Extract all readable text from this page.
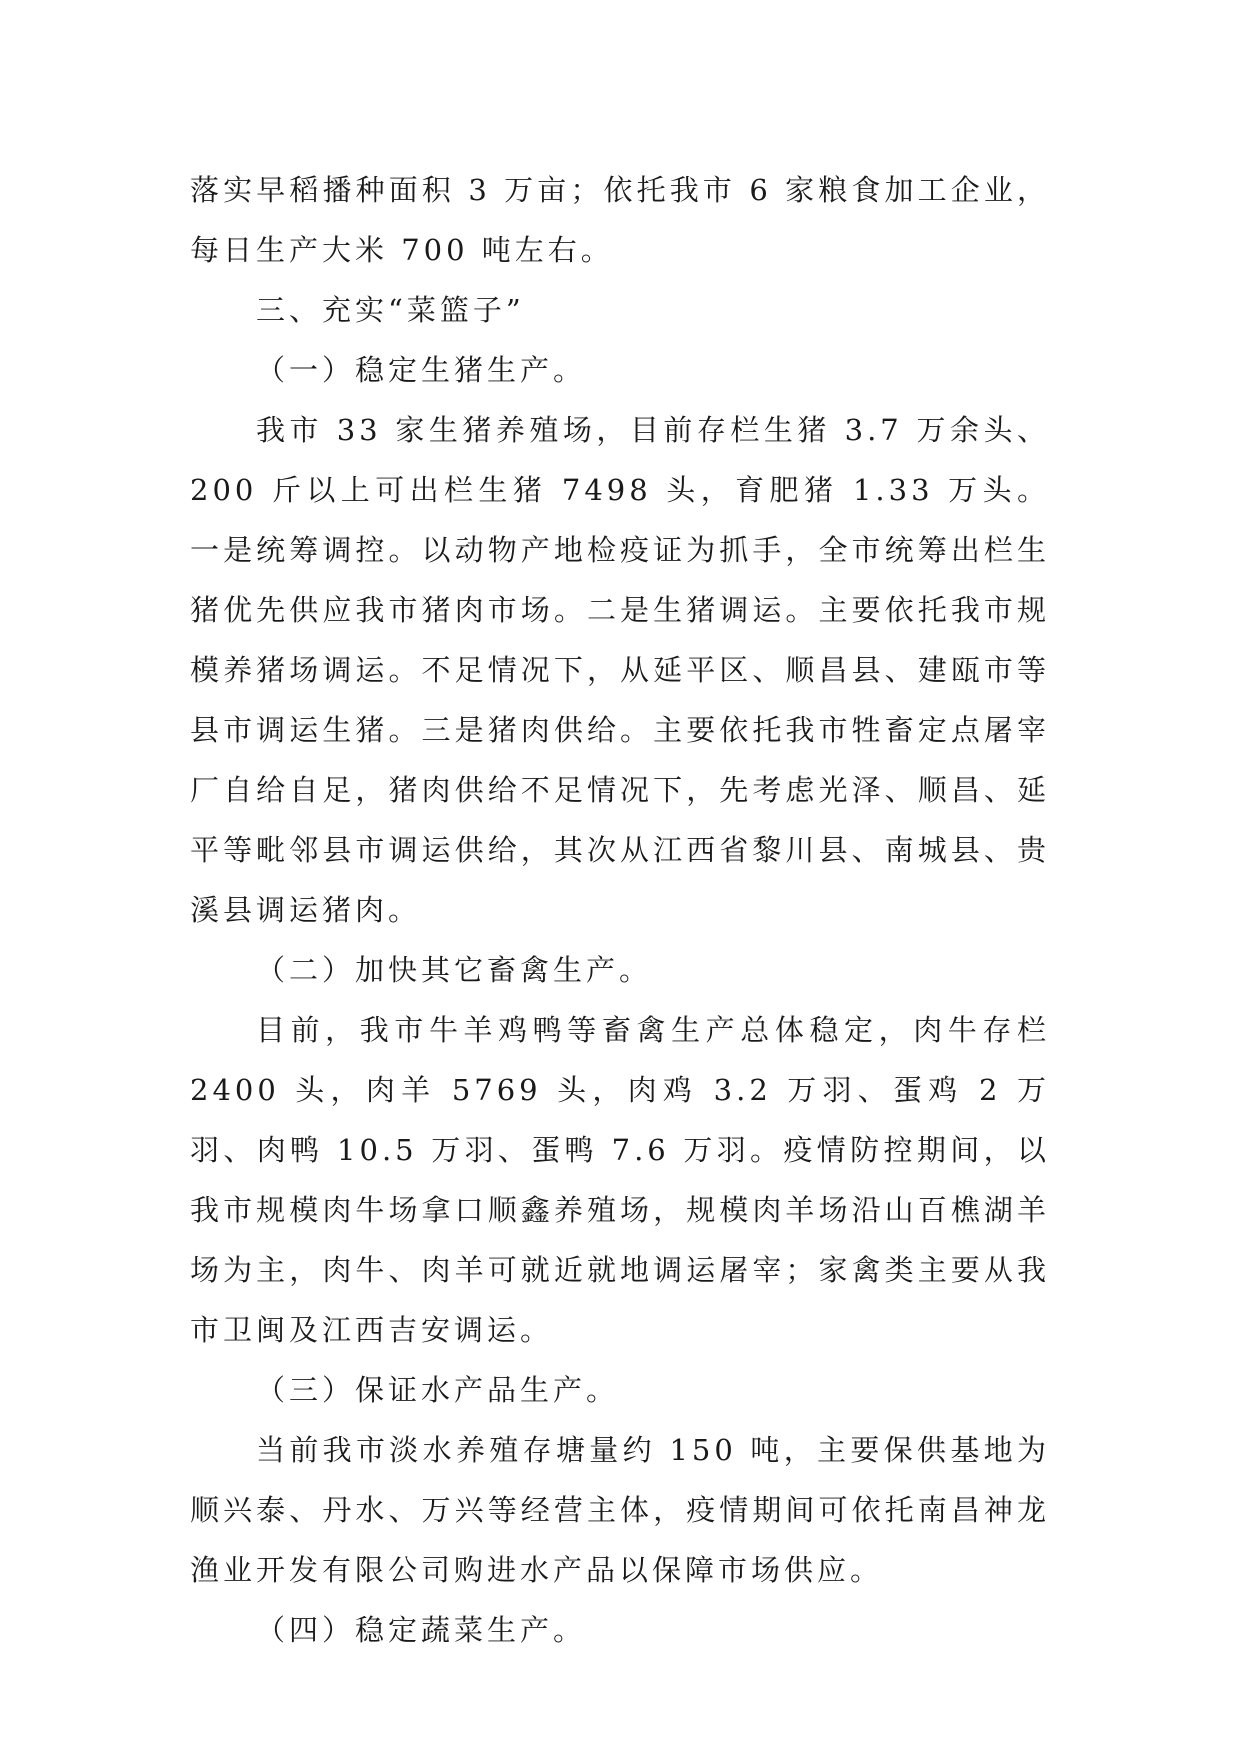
落实早稻播种面积 3 万亩；依托我市 6 家粮食加工企业，每日生产大米 700 吨左右。

三、充实“菜篮子”

（一）稳定生猪生产。

我市 33 家生猪养殖场，目前存栏生猪 3.7 万余头、200 斤以上可出栏生猪 7498 头，育肥猪 1.33 万头。一是统筹调控。以动物产地检疫证为抓手，全市统筹出栏生猪优先供应我市猪肉市场。二是生猪调运。主要依托我市规模养猪场调运。不足情况下，从延平区、顺昌县、建瓯市等县市调运生猪。三是猪肉供给。主要依托我市牲畜定点屠宰厂自给自足，猪肉供给不足情况下，先考虑光泽、顺昌、延平等毗邻县市调运供给，其次从江西省黎川县、南城县、贵溪县调运猪肉。

（二）加快其它畜禽生产。

目前，我市牛羊鸡鸭等畜禽生产总体稳定，肉牛存栏 2400 头，肉羊 5769 头，肉鸡 3.2 万羽、蛋鸡 2 万羽、肉鸭 10.5 万羽、蛋鸭 7.6 万羽。疫情防控期间，以我市规模肉牛场拿口顺鑫养殖场，规模肉羊场沿山百樵湖羊场为主，肉牛、肉羊可就近就地调运屠宰；家禽类主要从我市卫闽及江西吉安调运。

（三）保证水产品生产。

当前我市淡水养殖存塘量约 150 吨，主要保供基地为顺兴泰、丹水、万兴等经营主体，疫情期间可依托南昌神龙渔业开发有限公司购进水产品以保障市场供应。

（四）稳定蔬菜生产。
